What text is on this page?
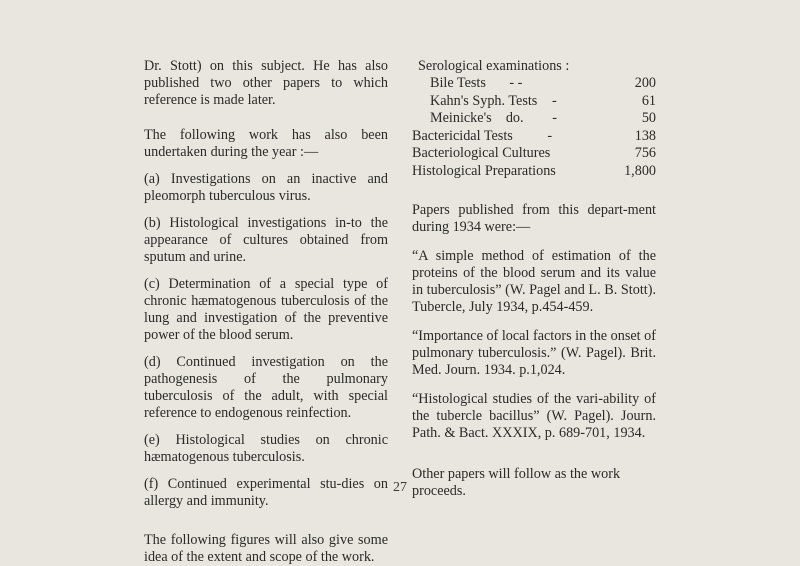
Dr. Stott) on this subject. He has also published two other papers to which reference is made later.

The following work has also been undertaken during the year :—

(a) Investigations on an inactive and pleomorph tuberculous virus.

(b) Histological investigations in-to the appearance of cultures obtained from sputum and urine.

(c) Determination of a special type of chronic hæmatogenous tuberculosis of the lung and investigation of the preventive power of the blood serum.

(d) Continued investigation on the pathogenesis of the pulmonary tuberculosis of the adult, with special reference to endogenous reinfection.

(e) Histological studies on chronic hæmatogenous tuberculosis.

(f) Continued experimental stu-dies on allergy and immunity.

The following figures will also give some idea of the extent and scope of the work.

Serological examinations :
Bile Tests	- -	200
Kahn's Syph. Tests	-	61
Meinicke's    do.	-	50
Bactericidal Tests	-	138
Bacteriological Cultures	756
Histological Preparations	1,800

Papers published from this depart-ment during 1934 were:—

“A simple method of estimation of the proteins of the blood serum and its value in tuberculosis” (W. Pagel and L. B. Stott). Tubercle, July 1934, p.454-459.

“Importance of local factors in the onset of pulmonary tuberculosis.” (W. Pagel). Brit. Med. Journ. 1934. p.1,024.

“Histological studies of the vari-ability of the tubercle bacillus” (W. Pagel). Journ. Path. & Bact. XXXIX, p. 689-701, 1934.

Other papers will follow as the work proceeds.

27
